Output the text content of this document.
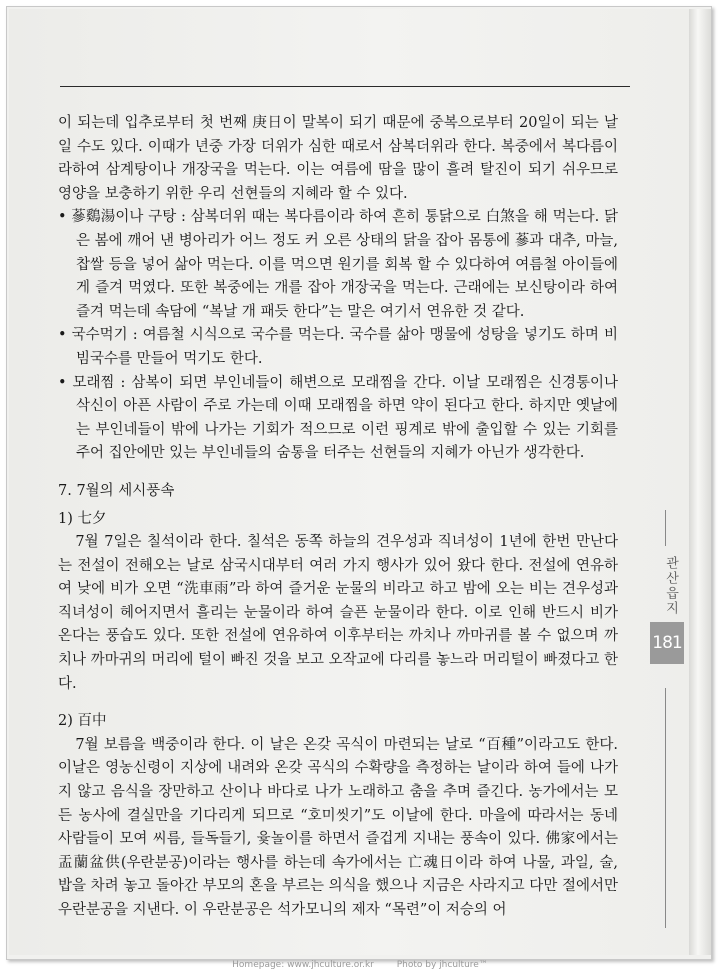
이 되는데 입추로부터 첫 번째 庚日이 말복이 되기 때문에 중복으로부터 20일이 되는 날일 수도 있다. 이때가 년중 가장 더위가 심한 때로서 삼복더위라 한다. 복중에서 복다름이라하여 삼계탕이나 개장국을 먹는다. 이는 여름에 땀을 많이 흘려 탈진이 되기 쉬우므로 영양을 보충하기 위한 우리 선현들의 지혜라 할 수 있다.

• 蔘鷄湯이나 구탕 : 삼복더위 때는 복다름이라 하여 흔히 통닭으로 白煞을 해 먹는다. 닭은 봄에 깨어 낸 병아리가 어느 정도 커 오른 상태의 닭을 잡아 몸통에 蔘과 대추, 마늘, 찹쌀 등을 넣어 삶아 먹는다. 이를 먹으면 원기를 회복 할 수 있다하여 여름철 아이들에게 즐겨 먹였다. 또한 복중에는 개를 잡아 개장국을 먹는다. 근래에는 보신탕이라 하여 즐겨 먹는데 속담에 “복날 개 패듯 한다”는 말은 여기서 연유한 것 같다.

• 국수먹기 : 여름철 시식으로 국수를 먹는다. 국수를 삶아 맹물에 성탕을 넣기도 하며 비빔국수를 만들어 먹기도 한다.

• 모래찜 : 삼복이 되면 부인네들이 해변으로 모래찜을 간다. 이날 모래찜은 신경통이나 삭신이 아픈 사람이 주로 가는데 이때 모래찜을 하면 약이 된다고 한다. 하지만 옛날에는 부인네들이 밖에 나가는 기회가 적으므로 이런 핑계로 밖에 출입할 수 있는 기회를 주어 집안에만 있는 부인네들의 숨통을 터주는 선현들의 지혜가 아닌가 생각한다.

7. 7월의 세시풍속

1) 七夕

7월 7일은 칠석이라 한다. 칠석은 동쪽 하늘의 견우성과 직녀성이 1년에 한번 만난다는 전설이 전해오는 날로 삼국시대부터 여러 가지 행사가 있어 왔다 한다. 전설에 연유하여 낮에 비가 오면 “洗車雨”라 하여 즐거운 눈물의 비라고 하고 밤에 오는 비는 견우성과 직녀성이 헤어지면서 흘리는 눈물이라 하여 슬픈 눈물이라 한다. 이로 인해 반드시 비가 온다는 풍습도 있다. 또한 전설에 연유하여 이후부터는 까치나 까마귀를 볼 수 없으며 까치나 까마귀의 머리에 털이 빠진 것을 보고 오작교에 다리를 놓느라 머리털이 빠졌다고 한다.

2) 百中

7월 보름을 백중이라 한다. 이 날은 온갖 곡식이 마련되는 날로 “百種”이라고도 한다. 이날은 영농신령이 지상에 내려와 온갖 곡식의 수확량을 측정하는 날이라 하여 들에 나가지 않고 음식을 장만하고 산이나 바다로 나가 노래하고 춤을 추며 즐긴다. 농가에서는 모든 농사에 결실만을 기다리게 되므로 “호미씻기”도 이날에 한다. 마을에 따라서는 동네 사람들이 모여 씨름, 들독들기, 윷놀이를 하면서 즐겁게 지내는 풍속이 있다. 佛家에서는 盂蘭盆供(우란분공)이라는 행사를 하는데 속가에서는 亡魂日이라 하여 나물, 과일, 술, 밥을 차려 놓고 돌아간 부모의 혼을 부르는 의식을 했으나 지금은 사라지고 다만 절에서만 우란분공을 지낸다. 이 우란분공은 석가모니의 제자 “목련”이 저승의 어

관산읍지
181
Homepage: www.jhculture.or.kr	Photo by jhculture™
